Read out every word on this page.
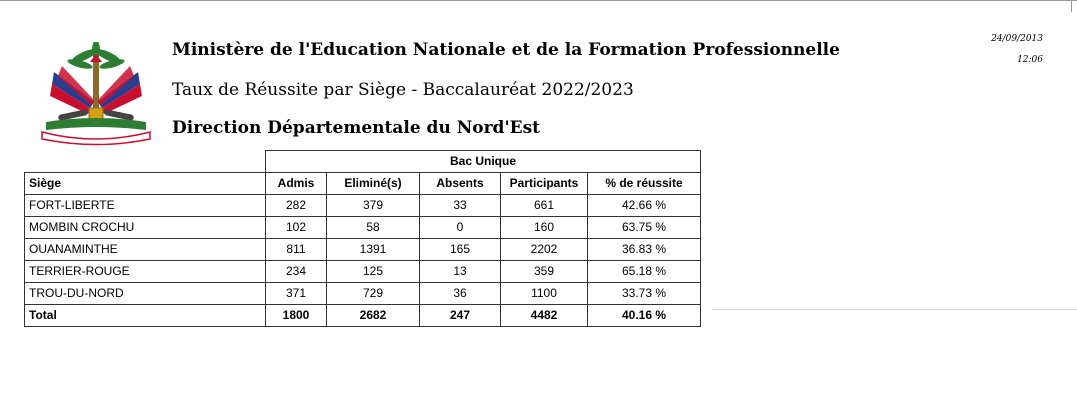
Ministère de l'Education Nationale et de la Formation Professionnelle
Taux de Réussite par Siège - Baccalauréat 2022/2023
Direction Départementale du Nord'Est
24/09/2013
12:06
	Bac Unique				
Siège	Admis	Eliminé(s)	Absents	Participants	% de réussite
FORT-LIBERTE	282	379	33	661	42.66 %
MOMBIN CROCHU	102	58	0	160	63.75 %
OUANAMINTHE	811	1391	165	2202	36.83 %
TERRIER-ROUGE	234	125	13	359	65.18 %
TROU-DU-NORD	371	729	36	1100	33.73 %
Total	1800	2682	247	4482	40.16 %
